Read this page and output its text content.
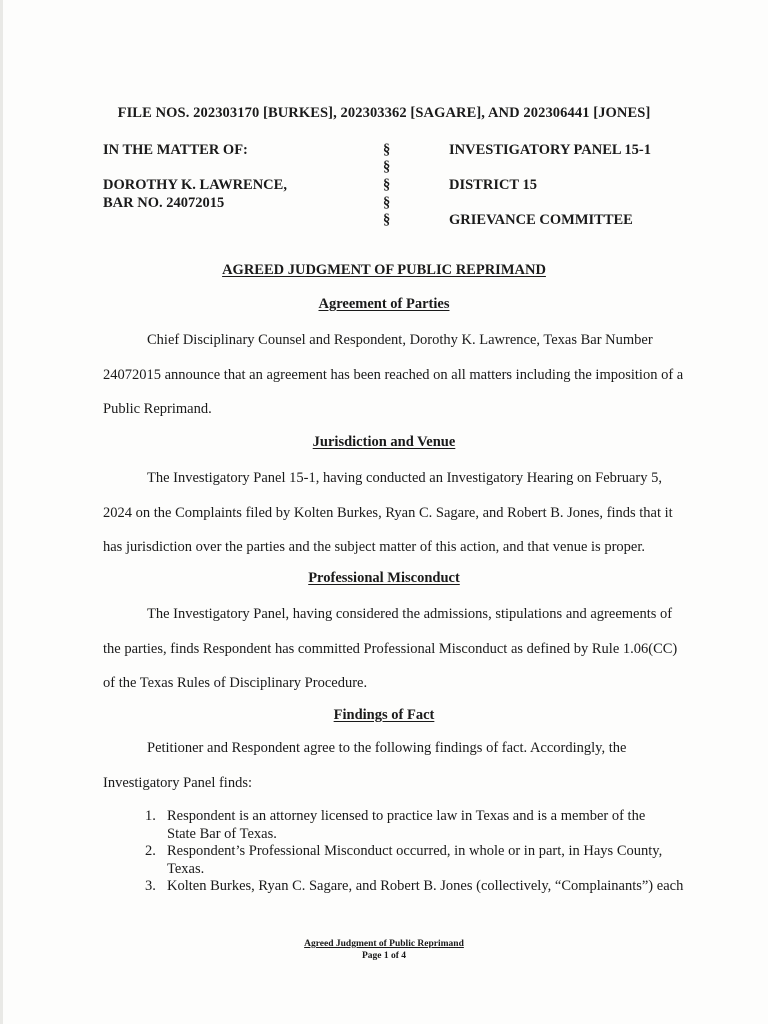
FILE NOS. 202303170 [BURKES], 202303362 [SAGARE], AND 202306441 [JONES]
IN THE MATTER OF:
DOROTHY K. LAWRENCE,
BAR NO. 24072015
§
§
§
§
§
INVESTIGATORY PANEL 15-1
DISTRICT 15
GRIEVANCE COMMITTEE
AGREED JUDGMENT OF PUBLIC REPRIMAND
Agreement of Parties
Chief Disciplinary Counsel and Respondent, Dorothy K. Lawrence, Texas Bar Number
24072015 announce that an agreement has been reached on all matters including the imposition of a
Public Reprimand.
Jurisdiction and Venue
The Investigatory Panel 15-1, having conducted an Investigatory Hearing on February 5,
2024 on the Complaints filed by Kolten Burkes, Ryan C. Sagare, and Robert B. Jones, finds that it
has jurisdiction over the parties and the subject matter of this action, and that venue is proper.
Professional Misconduct
The Investigatory Panel, having considered the admissions, stipulations and agreements of
the parties, finds Respondent has committed Professional Misconduct as defined by Rule 1.06(CC)
of the Texas Rules of Disciplinary Procedure.
Findings of Fact
Petitioner and Respondent agree to the following findings of fact. Accordingly, the
Investigatory Panel finds:
1. Respondent is an attorney licensed to practice law in Texas and is a member of the State Bar of Texas.
2. Respondent’s Professional Misconduct occurred, in whole or in part, in Hays County, Texas.
3. Kolten Burkes, Ryan C. Sagare, and Robert B. Jones (collectively, “Complainants”) each
Agreed Judgment of Public Reprimand
Page 1 of 4
